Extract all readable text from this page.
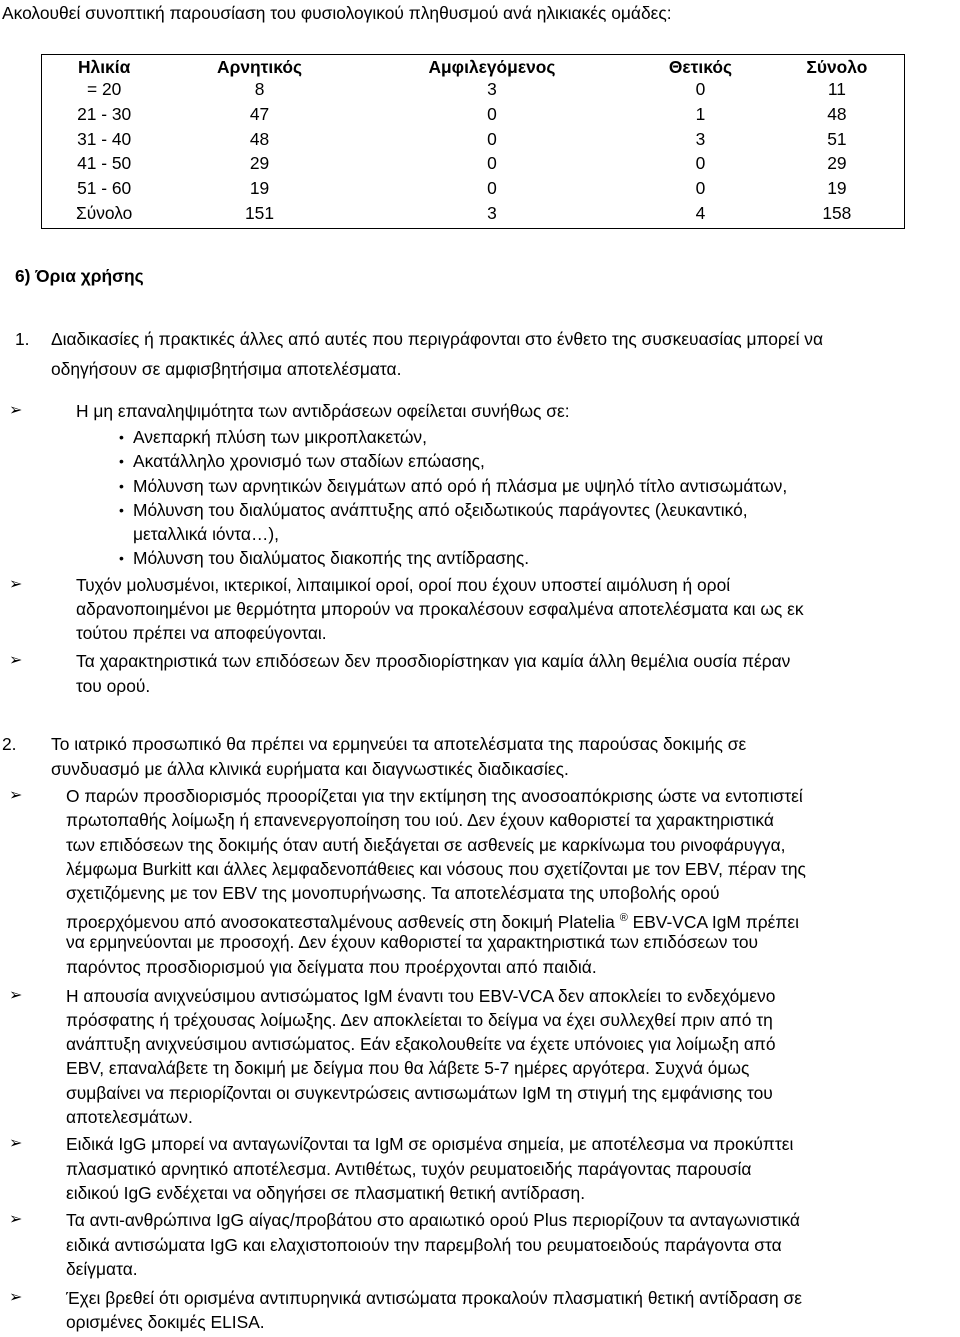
Ακολουθεί συνοπτική παρουσίαση του φυσιολογικού πληθυσμού ανά ηλικιακές ομάδες:
Ηλικία	Αρνητικός	Αμφιλεγόμενος	Θετικός	Σύνολο
= 20	8	3	0	11
21 - 30	47	0	1	48
31 - 40	48	0	3	51
41 - 50	29	0	0	29
51 - 60	19	0	0	19
Σύνολο	151	3	4	158
6) Όρια χρήσης
1. Διαδικασίες ή πρακτικές άλλες από αυτές που περιγράφονται στο ένθετο της συσκευασίας μπορεί να
οδηγήσουν σε αμφισβητήσιμα αποτελέσματα.
➢	Η μη επαναληψιμότητα των αντιδράσεων οφείλεται συνήθως σε:
• Ανεπαρκή πλύση των μικροπλακετών,
• Ακατάλληλο χρονισμό των σταδίων επώασης,
• Μόλυνση των αρνητικών δειγμάτων από ορό ή πλάσμα με υψηλό τίτλο αντισωμάτων,
• Μόλυνση του διαλύματος ανάπτυξης από οξειδωτικούς παράγοντες (λευκαντικό,
μεταλλικά ιόντα…),
• Μόλυνση του διαλύματος διακοπής της αντίδρασης.
➢	Τυχόν μολυσμένοι, ικτερικοί, λιπαιμικοί οροί, οροί που έχουν υποστεί αιμόλυση ή οροί
αδρανοποιημένοι με θερμότητα μπορούν να προκαλέσουν εσφαλμένα αποτελέσματα και ως εκ
τούτου πρέπει να αποφεύγονται.
➢	Τα χαρακτηριστικά των επιδόσεων δεν προσδιορίστηκαν για καμία άλλη θεμέλια ουσία πέραν
του ορού.
2. Το ιατρικό προσωπικό θα πρέπει να ερμηνεύει τα αποτελέσματα της παρούσας δοκιμής σε
συνδυασμό με άλλα κλινικά ευρήματα και διαγνωστικές διαδικασίες.
➢	Ο παρών προσδιορισμός προορίζεται για την εκτίμηση της ανοσοαπόκρισης ώστε να εντοπιστεί
πρωτοπαθής λοίμωξη ή επανενεργοποίηση του ιού. Δεν έχουν καθοριστεί τα χαρακτηριστικά
των επιδόσεων της δοκιμής όταν αυτή διεξάγεται σε ασθενείς με καρκίνωμα του ρινοφάρυγγα,
λέμφωμα Burkitt και άλλες λεμφαδενοπάθειες και νόσους που σχετίζονται με τον EBV, πέραν της
σχετιζόμενης με τον EBV της μονοπυρήνωσης. Τα αποτελέσματα της υποβολής ορού
προερχόμενου από ανοσοκατεσταλμένους ασθενείς στη δοκιμή Platelia ® EBV-VCA IgM πρέπει
να ερμηνεύονται με προσοχή. Δεν έχουν καθοριστεί τα χαρακτηριστικά των επιδόσεων του
παρόντος προσδιορισμού για δείγματα που προέρχονται από παιδιά.
➢	Η απουσία ανιχνεύσιμου αντισώματος IgM έναντι του EBV-VCA δεν αποκλείει το ενδεχόμενο
πρόσφατης ή τρέχουσας λοίμωξης. Δεν αποκλείεται το δείγμα να έχει συλλεχθεί πριν από τη
ανάπτυξη ανιχνεύσιμου αντισώματος. Εάν εξακολουθείτε να έχετε υπόνοιες για λοίμωξη από
EBV, επαναλάβετε τη δοκιμή με δείγμα που θα λάβετε 5-7 ημέρες αργότερα. Συχνά όμως
συμβαίνει να περιορίζονται οι συγκεντρώσεις αντισωμάτων IgM τη στιγμή της εμφάνισης του
αποτελεσμάτων.
➢	Ειδικά IgG μπορεί να ανταγωνίζονται τα IgM σε ορισμένα σημεία, με αποτέλεσμα να προκύπτει
πλασματικό αρνητικό αποτέλεσμα. Αντιθέτως, τυχόν ρευματοειδής παράγοντας παρουσία
ειδικού IgG ενδέχεται να οδηγήσει σε πλασματική θετική αντίδραση.
➢	Τα αντι-ανθρώπινα IgG αίγας/προβάτου στο αραιωτικό ορού Plus περιορίζουν τα ανταγωνιστικά
ειδικά αντισώματα IgG και ελαχιστοποιούν την παρεμβολή του ρευματοειδούς παράγοντα στα
δείγματα.
➢	Έχει βρεθεί ότι ορισμένα αντιπυρηνικά αντισώματα προκαλούν πλασματική θετική αντίδραση σε
ορισμένες δοκιμές ELISA.
